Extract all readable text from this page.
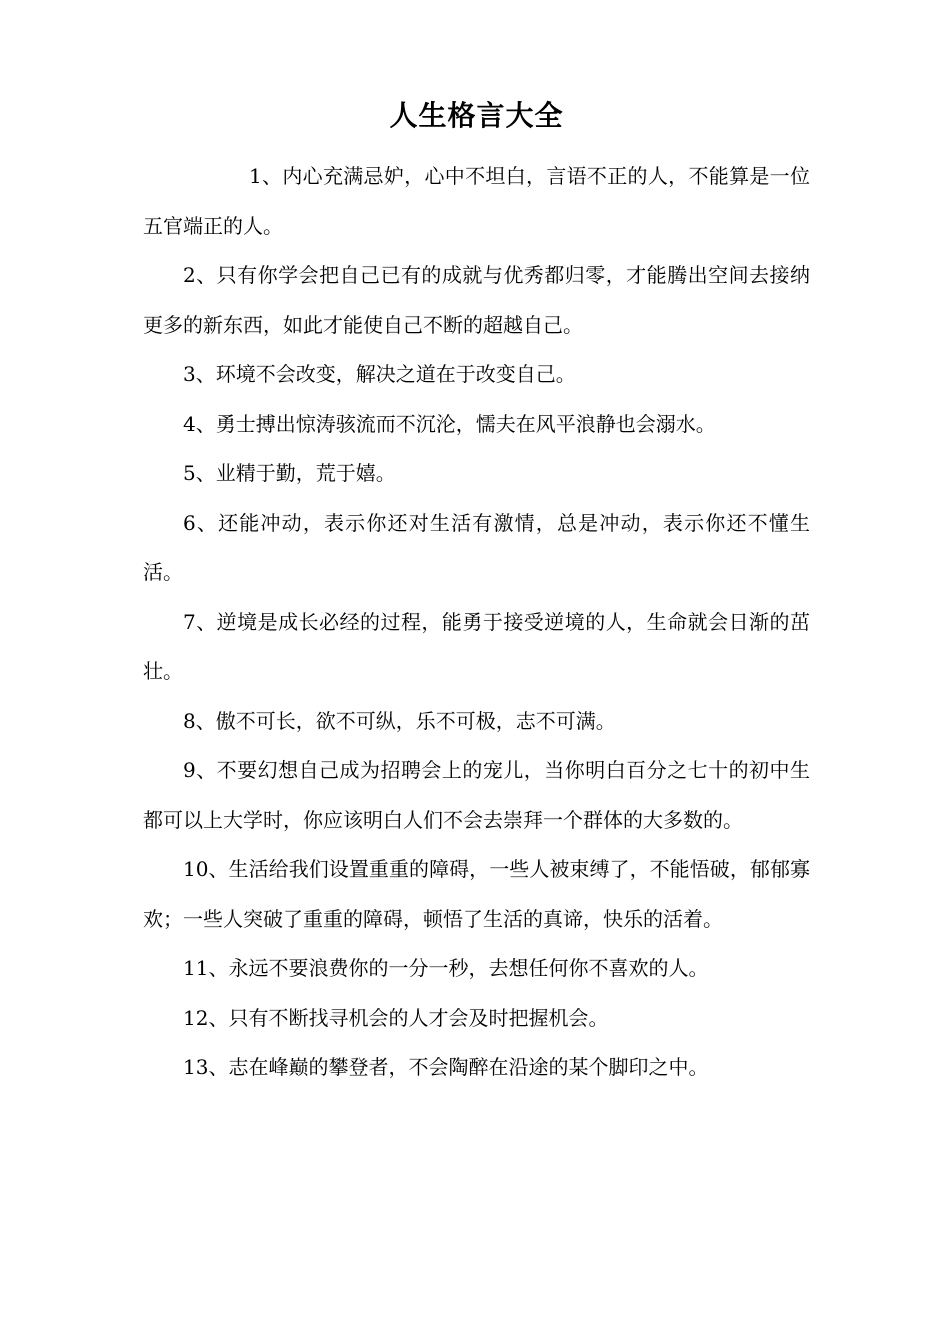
人生格言大全
1、内心充满忌妒，心中不坦白，言语不正的人，不能算是一位五官端正的人。
2、只有你学会把自己已有的成就与优秀都归零，才能腾出空间去接纳更多的新东西，如此才能使自己不断的超越自己。
3、环境不会改变，解决之道在于改变自己。
4、勇士搏出惊涛骇流而不沉沦，懦夫在风平浪静也会溺水。
5、业精于勤，荒于嬉。
6、还能冲动，表示你还对生活有激情，总是冲动，表示你还不懂生活。
7、逆境是成长必经的过程，能勇于接受逆境的人，生命就会日渐的茁壮。
8、傲不可长，欲不可纵，乐不可极，志不可满。
9、不要幻想自己成为招聘会上的宠儿，当你明白百分之七十的初中生都可以上大学时，你应该明白人们不会去崇拜一个群体的大多数的。
10、生活给我们设置重重的障碍，一些人被束缚了，不能悟破，郁郁寡欢；一些人突破了重重的障碍，顿悟了生活的真谛，快乐的活着。
11、永远不要浪费你的一分一秒，去想任何你不喜欢的人。
12、只有不断找寻机会的人才会及时把握机会。
13、志在峰巅的攀登者，不会陶醉在沿途的某个脚印之中。
